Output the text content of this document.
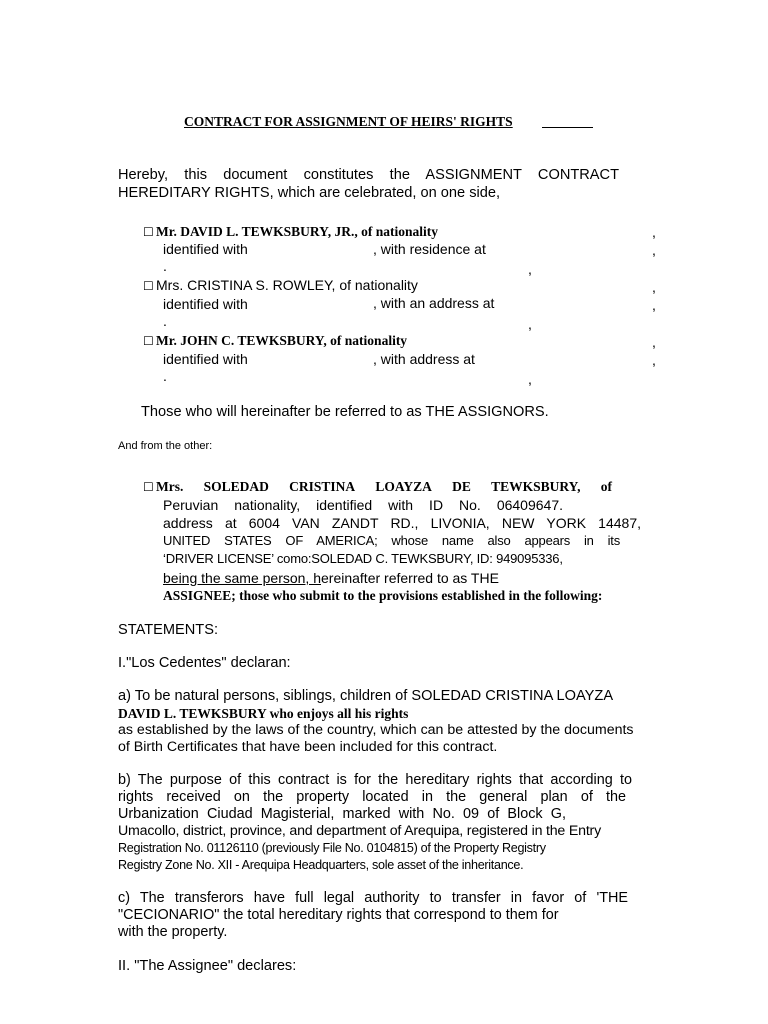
CONTRACT FOR ASSIGNMENT OF HEIRS' RIGHTS
Hereby, this document constitutes the ASSIGNMENT CONTRACT
HEREDITARY RIGHTS, which are celebrated, on one side,
☐ Mr. DAVID L. TEWKSBURY, JR., of nationality	,
identified with	, with residence at	,
.	,
☐ Mrs. CRISTINA S. ROWLEY, of nationality	,
identified with	, with an address at	,
.	,
☐ Mr. JOHN C. TEWKSBURY, of nationality	,
identified with	, with address at	,
.	,
Those who will hereinafter be referred to as THE ASSIGNORS.
And from the other:
☐ Mrs. SOLEDAD CRISTINA LOAYZA DE TEWKSBURY, of
Peruvian nationality, identified with ID No. 06409647.
address at 6004 VAN ZANDT RD., LIVONIA, NEW YORK 14487,
UNITED STATES OF AMERICA; whose name also appears in its
‘DRIVER LICENSE’ como:SOLEDAD C. TEWKSBURY, ID: 949095336,
being the same person, hereinafter referred to as THE
ASSIGNEE; those who submit to the provisions established in the following:
STATEMENTS:
I."Los Cedentes" declaran:
a) To be natural persons, siblings, children of SOLEDAD CRISTINA LOAYZA
DAVID L. TEWKSBURY who enjoys all his rights
as established by the laws of the country, which can be attested by the documents
of Birth Certificates that have been included for this contract.
b) The purpose of this contract is for the hereditary rights that according to
rights received on the property located in the general plan of the
Urbanization Ciudad Magisterial, marked with No. 09 of Block G,
Umacollo, district, province, and department of Arequipa, registered in the Entry
Registration No. 01126110 (previously File No. 0104815) of the Property Registry
Registry Zone No. XII - Arequipa Headquarters, sole asset of the inheritance.
c) The transferors have full legal authority to transfer in favor of 'THE
"CECIONARIO" the total hereditary rights that correspond to them for
with the property.
II. "The Assignee" declares:
